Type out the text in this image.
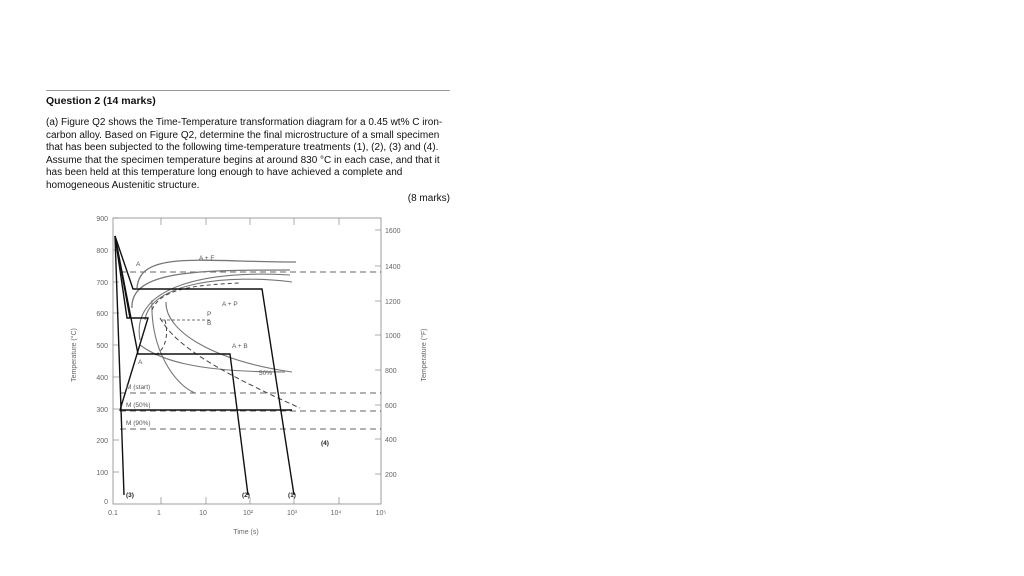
Question 2 (14 marks)
(a) Figure Q2 shows the Time-Temperature transformation diagram for a 0.45 wt% C iron-carbon alloy. Based on Figure Q2, determine the final microstructure of a small specimen that has been subjected to the following time-temperature treatments (1), (2), (3) and (4). Assume that the specimen temperature begins at around 830 °C in each case, and that it has been held at this temperature long enough to have achieved a complete and homogeneous Austenitic structure.
(8 marks)
900
800
700
600
500
400
300
200
100
0
1600
1400
1200
1000
800
600
400
200
0.1	1	10	10²	10³	10⁴	10⁵
Time (s)
Temperature (°C)	Temperature (°F)
A
A + F
A + P
P
B
A + B
A
50%
M (start)
M (50%)
M (90%)
(3)	(2)	(1)
(4)
